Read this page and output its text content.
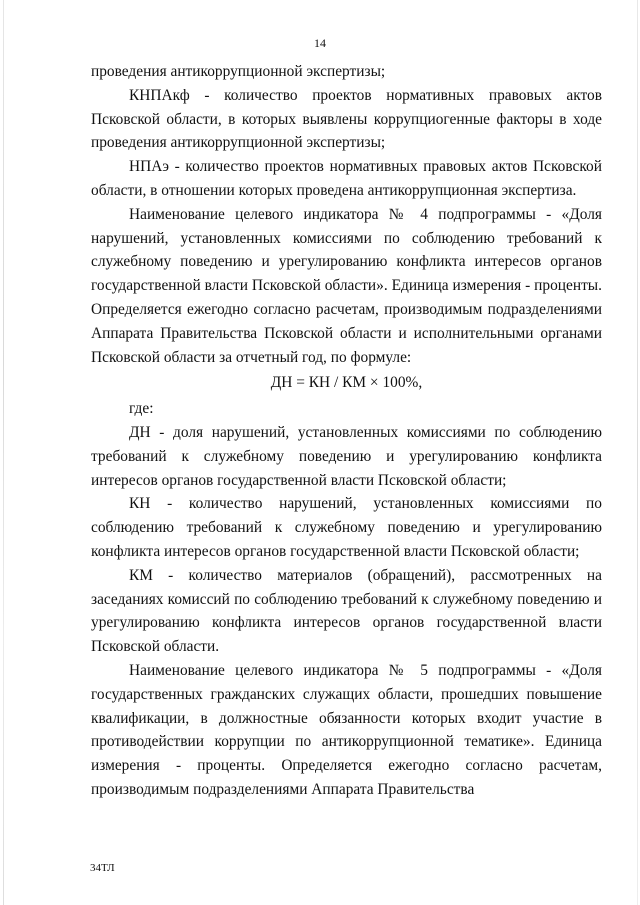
14

проведения антикоррупционной экспертизы;

КНПАкф - количество проектов нормативных правовых актов Псковской области, в которых выявлены коррупциогенные факторы в ходе проведения антикоррупционной экспертизы;

НПАэ - количество проектов нормативных правовых актов Псковской области, в отношении которых проведена антикоррупционная экспертиза.

Наименование целевого индикатора № 4 подпрограммы - «Доля нарушений, установленных комиссиями по соблюдению требований к служебному поведению и урегулированию конфликта интересов органов государственной власти Псковской области». Единица измерения - проценты. Определяется ежегодно согласно расчетам, производимым подразделениями Аппарата Правительства Псковской области и исполнительными органами Псковской области за отчетный год, по формуле:

ДН = КН / КМ × 100%,

где:

ДН - доля нарушений, установленных комиссиями по соблюдению требований к служебному поведению и урегулированию конфликта интересов органов государственной власти Псковской области;

КН - количество нарушений, установленных комиссиями по соблюдению требований к служебному поведению и урегулированию конфликта интересов органов государственной власти Псковской области;

КМ - количество материалов (обращений), рассмотренных на заседаниях комиссий по соблюдению требований к служебному поведению и урегулированию конфликта интересов органов государственной власти Псковской области.

Наименование целевого индикатора № 5 подпрограммы - «Доля государственных гражданских служащих области, прошедших повышение квалификации, в должностные обязанности которых входит участие в противодействии коррупции по антикоррупционной тематике». Единица измерения - проценты. Определяется ежегодно согласно расчетам, производимым подразделениями Аппарата Правительства

34ТЛ
